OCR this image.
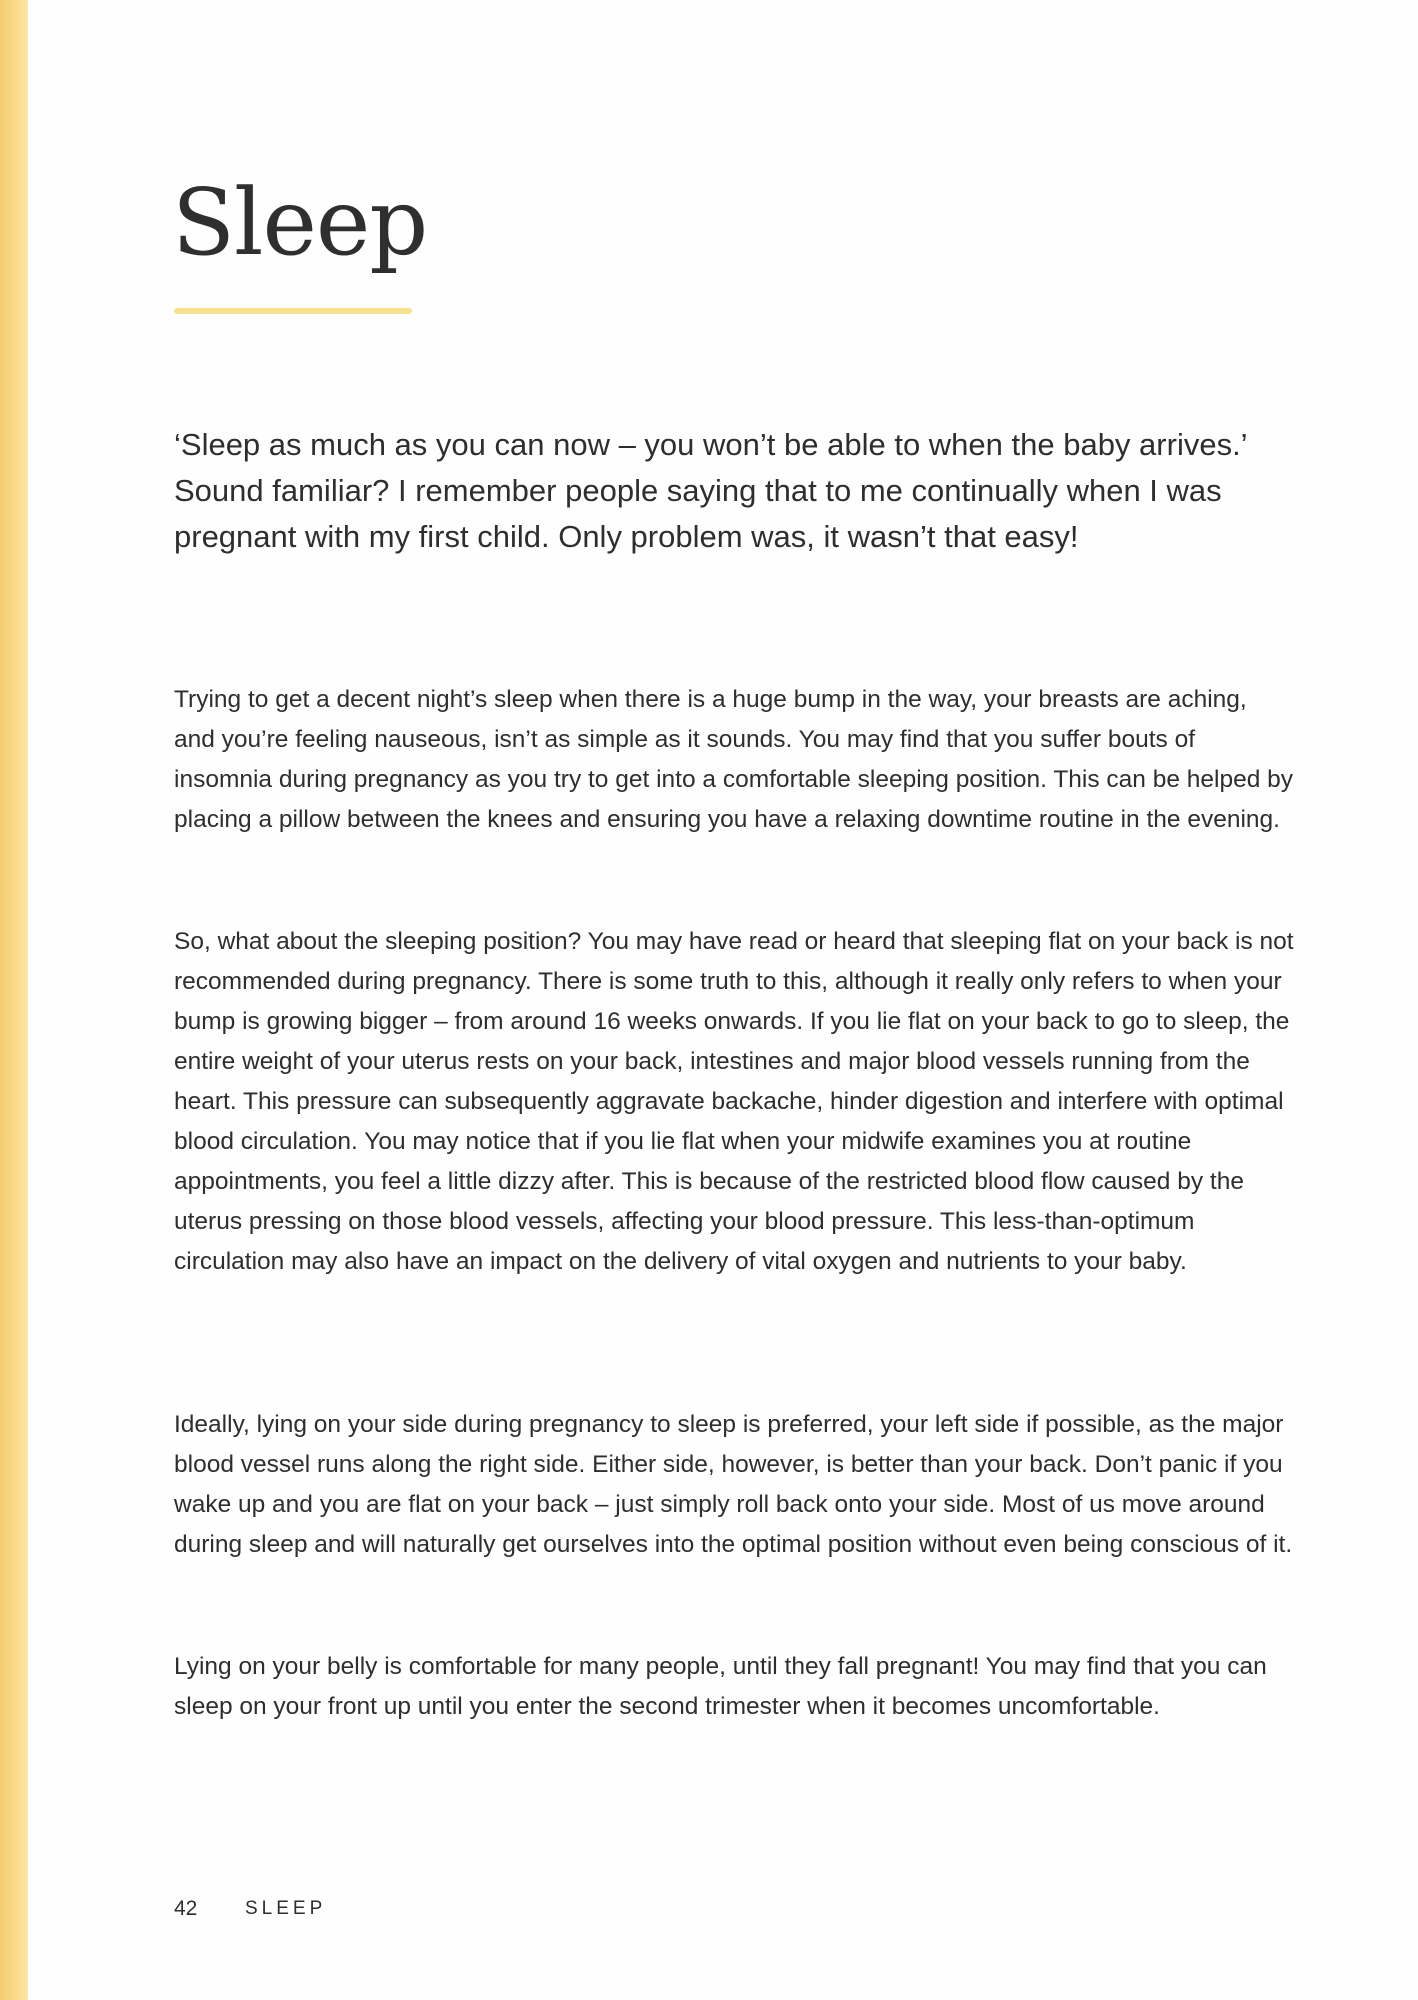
Sleep

‘Sleep as much as you can now – you won’t be able to when the baby arrives.’ Sound familiar? I remember people saying that to me continually when I was pregnant with my first child. Only problem was, it wasn’t that easy!

Trying to get a decent night’s sleep when there is a huge bump in the way, your breasts are aching, and you’re feeling nauseous, isn’t as simple as it sounds. You may find that you suffer bouts of insomnia during pregnancy as you try to get into a comfortable sleeping position. This can be helped by placing a pillow between the knees and ensuring you have a relaxing downtime routine in the evening.

So, what about the sleeping position? You may have read or heard that sleeping flat on your back is not recommended during pregnancy. There is some truth to this, although it really only refers to when your bump is growing bigger – from around 16 weeks onwards. If you lie flat on your back to go to sleep, the entire weight of your uterus rests on your back, intestines and major blood vessels running from the heart. This pressure can subsequently aggravate backache, hinder digestion and interfere with optimal blood circulation. You may notice that if you lie flat when your midwife examines you at routine appointments, you feel a little dizzy after. This is because of the restricted blood flow caused by the uterus pressing on those blood vessels, affecting your blood pressure. This less-than-optimum circulation may also have an impact on the delivery of vital oxygen and nutrients to your baby.

Ideally, lying on your side during pregnancy to sleep is preferred, your left side if possible, as the major blood vessel runs along the right side. Either side, however, is better than your back. Don’t panic if you wake up and you are flat on your back – just simply roll back onto your side. Most of us move around during sleep and will naturally get ourselves into the optimal position without even being conscious of it.

Lying on your belly is comfortable for many people, until they fall pregnant! You may find that you can sleep on your front up until you enter the second trimester when it becomes uncomfortable.

42	SLEEP
